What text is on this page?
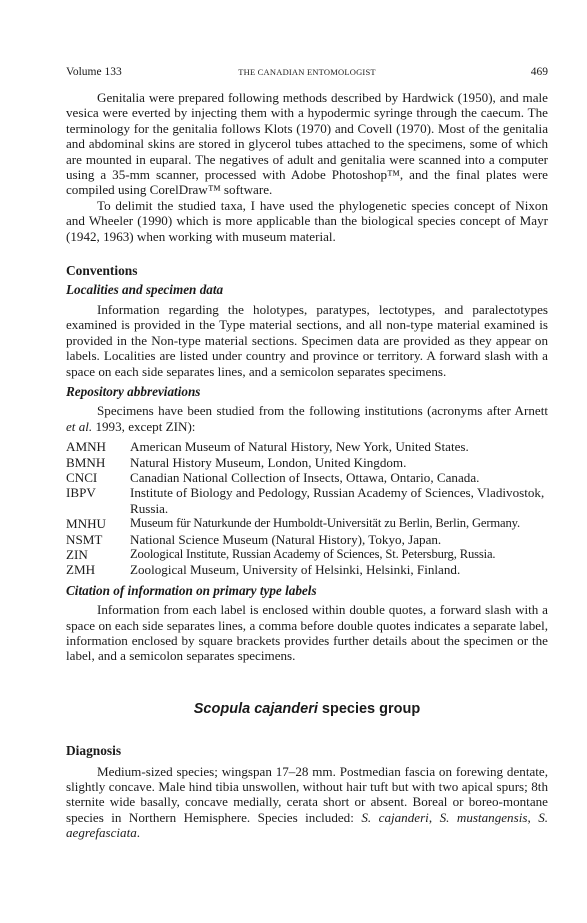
Volume 133	THE CANADIAN ENTOMOLOGIST	469

Genitalia were prepared following methods described by Hardwick (1950), and male vesica were everted by injecting them with a hypodermic syringe through the caecum. The terminology for the genitalia follows Klots (1970) and Covell (1970). Most of the genitalia and abdominal skins are stored in glycerol tubes attached to the specimens, some of which are mounted in euparal. The negatives of adult and genitalia were scanned into a computer using a 35-mm scanner, processed with Adobe Photoshop™, and the final plates were compiled using CorelDraw™ software.

To delimit the studied taxa, I have used the phylogenetic species concept of Nixon and Wheeler (1990) which is more applicable than the biological species concept of Mayr (1942, 1963) when working with museum material.

Conventions
Localities and specimen data

Information regarding the holotypes, paratypes, lectotypes, and paralectotypes examined is provided in the Type material sections, and all non-type material examined is provided in the Non-type material sections. Specimen data are provided as they appear on labels. Localities are listed under country and province or territory. A forward slash with a space on each side separates lines, and a semicolon separates specimens.

Repository abbreviations

Specimens have been studied from the following institutions (acronyms after Arnett et al. 1993, except ZIN):

AMNH	American Museum of Natural History, New York, United States.
BMNH	Natural History Museum, London, United Kingdom.
CNCI	Canadian National Collection of Insects, Ottawa, Ontario, Canada.
IBPV	Institute of Biology and Pedology, Russian Academy of Sciences, Vladivostok, Russia.
MNHU	Museum für Naturkunde der Humboldt-Universität zu Berlin, Berlin, Germany.
NSMT	National Science Museum (Natural History), Tokyo, Japan.
ZIN	Zoological Institute, Russian Academy of Sciences, St. Petersburg, Russia.
ZMH	Zoological Museum, University of Helsinki, Helsinki, Finland.
Citation of information on primary type labels

Information from each label is enclosed within double quotes, a forward slash with a space on each side separates lines, a comma before double quotes indicates a separate label, information enclosed by square brackets provides further details about the specimen or the label, and a semicolon separates specimens.

Scopula cajanderi species group
Diagnosis

Medium-sized species; wingspan 17–28 mm. Postmedian fascia on forewing dentate, slightly concave. Male hind tibia unswollen, without hair tuft but with two apical spurs; 8th sternite wide basally, concave medially, cerata short or absent. Boreal or boreo-montane species in Northern Hemisphere. Species included: S. cajanderi, S. mustangensis, S. aegrefasciata.
